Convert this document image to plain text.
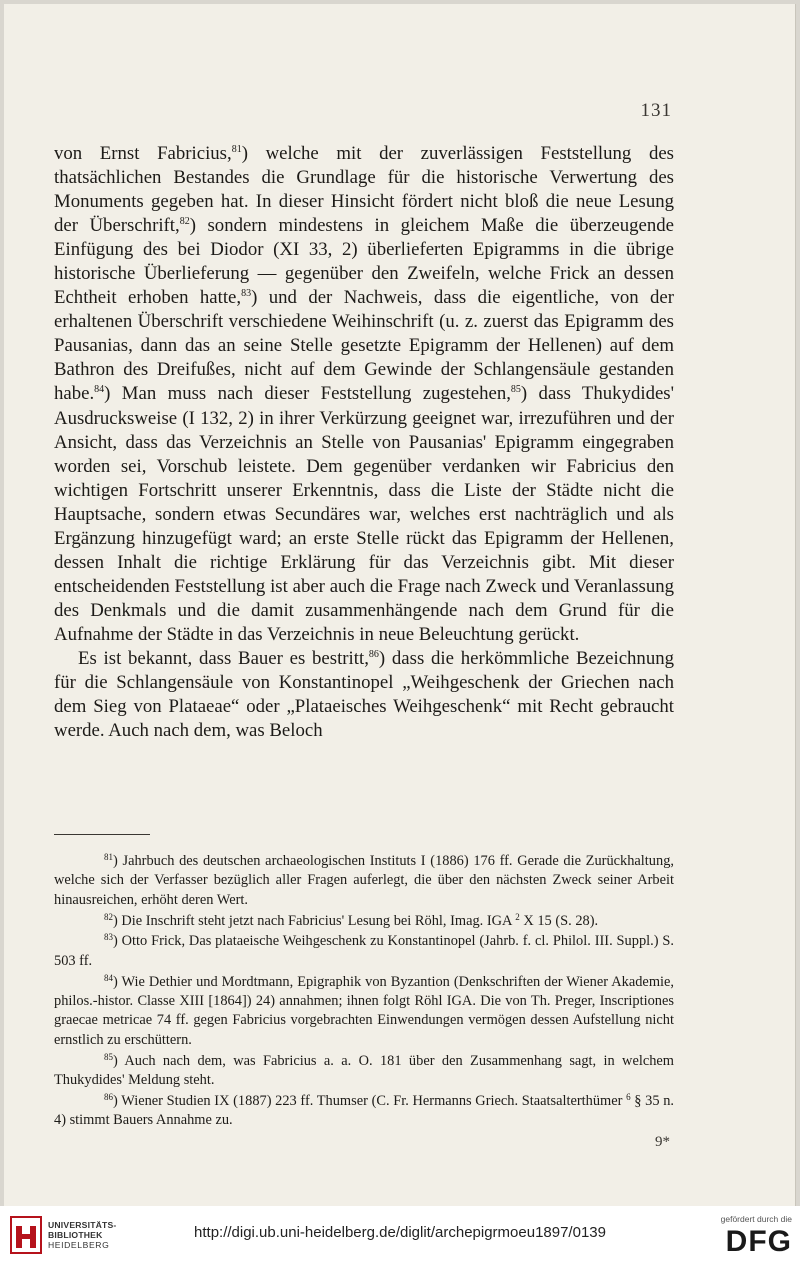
131

von Ernst Fabricius,$^{81}$) welche mit der zuverlässigen Feststellung des thatsächlichen Bestandes die Grundlage für die historische Verwertung des Monuments gegeben hat. In dieser Hinsicht fördert nicht bloß die neue Lesung der Überschrift,$^{82}$) sondern mindestens in gleichem Maße die überzeugende Einfügung des bei Diodor (XI 33, 2) überlieferten Epigramms in die übrige historische Überlieferung — gegenüber den Zweifeln, welche Frick an dessen Echtheit erhoben hatte,$^{83}$) und der Nachweis, dass die eigentliche, von der erhaltenen Überschrift verschiedene Weihinschrift (u. z. zuerst das Epigramm des Pausanias, dann das an seine Stelle gesetzte Epigramm der Hellenen) auf dem Bathron des Dreifußes, nicht auf dem Gewinde der Schlangensäule gestanden habe.$^{84}$) Man muss nach dieser Feststellung zugestehen,$^{85}$) dass Thukydides' Ausdrucksweise (I 132, 2) in ihrer Verkürzung geeignet war, irrezuführen und der Ansicht, dass das Verzeichnis an Stelle von Pausanias' Epigramm eingegraben worden sei, Vorschub leistete. Dem gegenüber verdanken wir Fabricius den wichtigen Fortschritt unserer Erkenntnis, dass die Liste der Städte nicht die Hauptsache, sondern etwas Secundäres war, welches erst nachträglich und als Ergänzung hinzugefügt ward; an erste Stelle rückt das Epigramm der Hellenen, dessen Inhalt die richtige Erklärung für das Verzeichnis gibt. Mit dieser entscheidenden Feststellung ist aber auch die Frage nach Zweck und Veranlassung des Denkmals und die damit zusammenhängende nach dem Grund für die Aufnahme der Städte in das Verzeichnis in neue Beleuchtung gerückt.

Es ist bekannt, dass Bauer es bestritt,$^{86}$) dass die herkömmliche Bezeichnung für die Schlangensäule von Konstantinopel „Weihgeschenk der Griechen nach dem Sieg von Plataeae“ oder „Plataeisches Weihgeschenk“ mit Recht gebraucht werde. Auch nach dem, was Beloch

$^{81}$) Jahrbuch des deutschen archaeologischen Instituts I (1886) 176 ff. Gerade die Zurückhaltung, welche sich der Verfasser bezüglich aller Fragen auferlegt, die über den nächsten Zweck seiner Arbeit hinausreichen, erhöht deren Wert.
$^{82}$) Die Inschrift steht jetzt nach Fabricius' Lesung bei Röhl, Imag. IGA $^2$ X 15 (S. 28).
$^{83}$) Otto Frick, Das plataeische Weihgeschenk zu Konstantinopel (Jahrb. f. cl. Philol. III. Suppl.) S. 503 ff.
$^{84}$) Wie Dethier und Mordtmann, Epigraphik von Byzantion (Denkschriften der Wiener Akademie, philos.-histor. Classe XIII [1864]) 24) annahmen; ihnen folgt Röhl IGA. Die von Th. Preger, Inscriptiones graecae metricae 74 ff. gegen Fabricius vorgebrachten Einwendungen vermögen dessen Aufstellung nicht ernstlich zu erschüttern.
$^{85}$) Auch nach dem, was Fabricius a. a. O. 181 über den Zusammenhang sagt, in welchem Thukydides' Meldung steht.
$^{86}$) Wiener Studien IX (1887) 223 ff. Thumser (C. Fr. Hermanns Griech. Staatsalterthümer $^6$ § 35 n. 4) stimmt Bauers Annahme zu.
9*
UNIVERSITÄTS-
BIBLIOTHEK
HEIDELBERG
http://digi.ub.uni-heidelberg.de/diglit/archepigrmoeu1897/0139
gefördert durch die
DFG
